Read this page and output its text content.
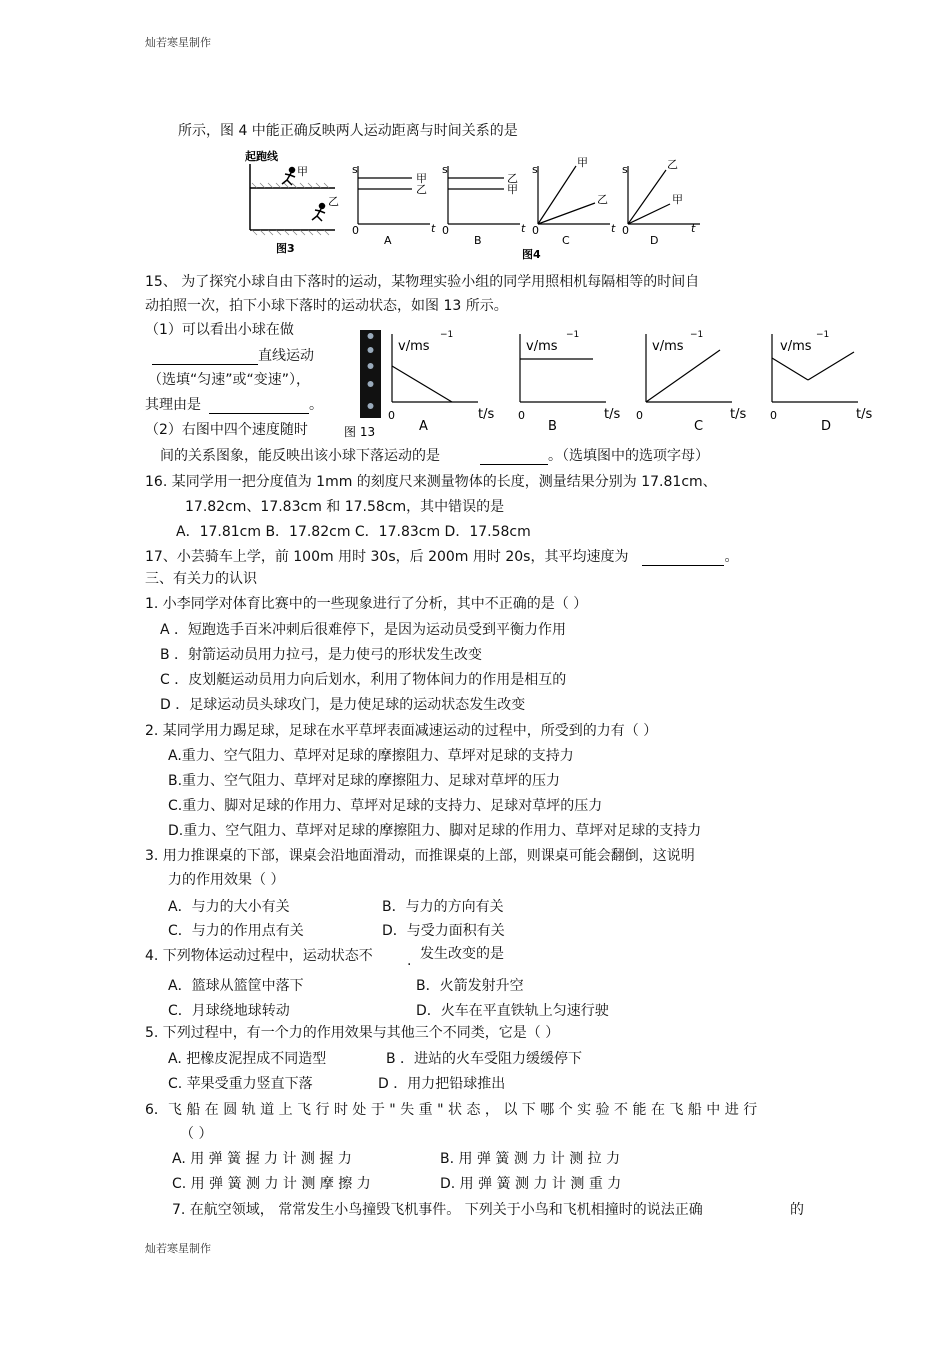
灿若寒星制作
灿若寒星制作
所示，图 4 中能正确反映两人运动距离与时间关系的是
起跑线
甲
乙
图3
s
0	t
甲
乙
A
s
0	t
乙
甲
B
s
0	t
甲
乙
C
s
0	t
乙
甲
D
图4
15、 为了探究小球自由下落时的运动，某物理实验小组的同学用照相机每隔相等的时间自
动拍照一次，拍下小球下落时的运动状态，如图 13 所示。
（1）可以看出小球在做
直线运动
（选填“匀速”或“变速”），
其理由是	。
（2）右图中四个速度随时
间的关系图象，能反映出该小球下落运动的是	。（选填图中的选项字母）
图 13
v/ms
−1
0	t/s
A
v/ms
−1
0	t/s
B
v/ms
−1
0	t/s
C
v/ms
−1
0	t/s
D
16. 某同学用一把分度值为 1mm 的刻度尺来测量物体的长度，测量结果分别为 17.81cm、
17.82cm、17.83cm 和 17.58cm，其中错误的是
A．17.81cm B．17.82cm C．17.83cm D．17.58cm
17、小芸骑车上学，前 100m 用时 30s，后 200m 用时 20s，其平均速度为	。
三、有关力的认识
1. 小李同学对体育比赛中的一些现象进行了分析，其中不正确的是（ ）
A ．短跑选手百米冲刺后很难停下，是因为运动员受到平衡力作用
B ．射箭运动员用力拉弓，是力使弓的形状发生改变
C ．皮划艇运动员用力向后划水，利用了物体间力的作用是相互的
D ．足球运动员头球攻门，是力使足球的运动状态发生改变
2. 某同学用力踢足球，足球在水平草坪表面减速运动的过程中，所受到的力有（ ）
A.重力、空气阻力、草坪对足球的摩擦阻力、草坪对足球的支持力
B.重力、空气阻力、草坪对足球的摩擦阻力、足球对草坪的压力
C.重力、脚对足球的作用力、草坪对足球的支持力、足球对草坪的压力
D.重力、空气阻力、草坪对足球的摩擦阻力、脚对足球的作用力、草坪对足球的支持力
3. 用力推课桌的下部，课桌会沿地面滑动，而推课桌的上部，则课桌可能会翻倒，这说明
力的作用效果（ ）
A．与力的大小有关	B．与力的方向有关
C．与力的作用点有关	D．与受力面积有关
4. 下列物体运动过程中，运动状态不 . 发生改变的是
A．篮球从篮筐中落下	B．火箭发射升空
C．月球绕地球转动	D．火车在平直铁轨上匀速行驶
5. 下列过程中，有一个力的作用效果与其他三个不同类，它是（ ）
A. 把橡皮泥捏成不同造型	B ．进站的火车受阻力缓缓停下
C. 苹果受重力竖直下落	D ．用力把铅球推出
6．飞 船 在 圆 轨 道 上 飞 行 时 处 于 " 失 重 " 状 态 ， 以 下 哪 个 实 验 不 能 在 飞 船 中 进 行
（ ）
A. 用 弹 簧 握 力 计 测 握 力	B. 用 弹 簧 测 力 计 测 拉 力
C. 用 弹 簧 测 力 计 测 摩 擦 力	D. 用 弹 簧 测 力 计 测 重 力
7. 在航空领域， 常常发生小鸟撞毁飞机事件。 下列关于小鸟和飞机相撞时的说法正确	的
